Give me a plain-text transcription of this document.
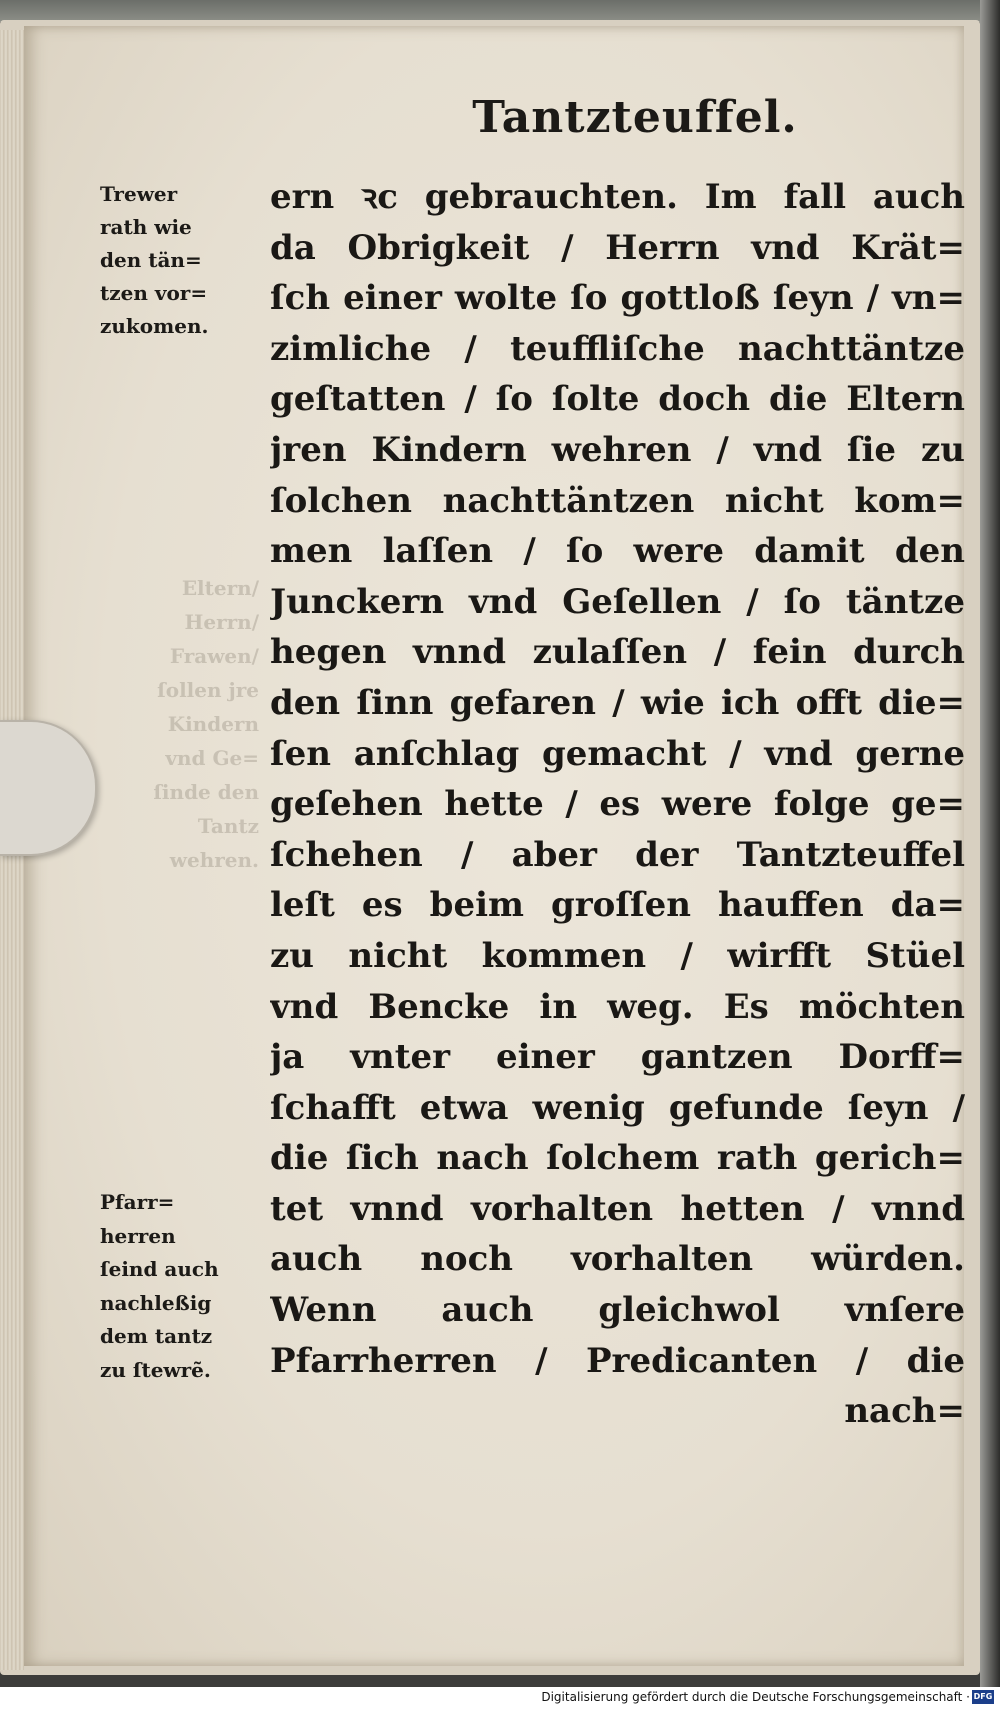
Eltern/
Herrn/
Frawen/
ſollen jre
Kindern
vnd Ge=
ſinde den
Tantz
wehren.
Tantzteuffel.
Trewer
rath wie
den tän=
tzen vor=
zukomen.
Pfarr=
herren
ſeind auch
nachleßig
dem tantz
zu ſtewrẽ.
ern ꝛc gebrauchten. Im fall auch
da Obrigkeit / Herrn vnd Krät=
ſch einer wolte ſo gottloß ſeyn / vn=
zimliche / teuffliſche nachttäntze
geſtatten / ſo ſolte doch die Eltern
jren Kindern wehren / vnd ſie zu
ſolchen nachttäntzen nicht kom=
men laſſen / ſo were damit den
Junckern vnd Geſellen / ſo täntze
hegen vnnd zulaſſen / fein durch
den ſinn gefaren / wie ich offt die=
ſen anſchlag gemacht / vnd gerne
geſehen hette / es were folge ge=
ſchehen / aber der Tantzteuffel
leſt es beim groſſen hauffen da=
zu nicht kommen / wirfft Stüel
vnd Bencke in weg. Es möchten
ja vnter einer gantzen Dorff=
ſchafft etwa wenig gefunde ſeyn /
die ſich nach ſolchem rath gerich=
tet vnnd vorhalten hetten / vnnd
auch noch vorhalten würden.
Wenn auch gleichwol vnſere
Pfarrherren / Predicanten / die
nach=
Digitalisierung gefördert durch die Deutsche Forschungsgemeinschaft · DFG
